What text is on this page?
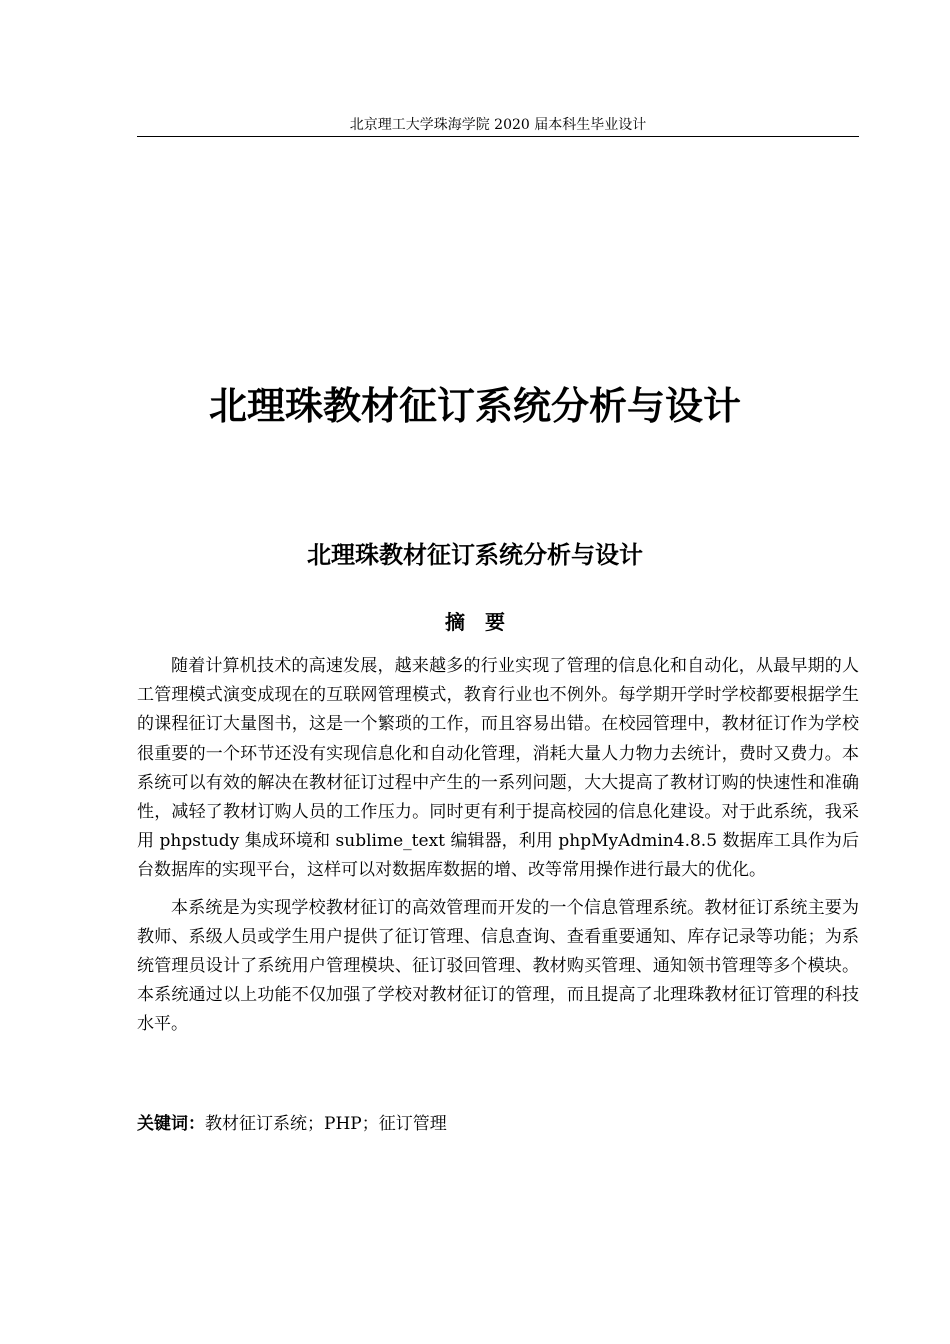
北京理工大学珠海学院 2020 届本科生毕业设计
北理珠教材征订系统分析与设计
北理珠教材征订系统分析与设计
摘　要

随着计算机技术的高速发展，越来越多的行业实现了管理的信息化和自动化，从最早期的人工管理模式演变成现在的互联网管理模式，教育行业也不例外。每学期开学时学校都要根据学生的课程征订大量图书，这是一个繁琐的工作，而且容易出错。在校园管理中，教材征订作为学校很重要的一个环节还没有实现信息化和自动化管理，消耗大量人力物力去统计，费时又费力。本系统可以有效的解决在教材征订过程中产生的一系列问题，大大提高了教材订购的快速性和准确性，减轻了教材订购人员的工作压力。同时更有利于提高校园的信息化建设。对于此系统，我采用 phpstudy 集成环境和 sublime_text 编辑器，利用 phpMyAdmin4.8.5 数据库工具作为后台数据库的实现平台，这样可以对数据库数据的增、改等常用操作进行最大的优化。

本系统是为实现学校教材征订的高效管理而开发的一个信息管理系统。教材征订系统主要为教师、系级人员或学生用户提供了征订管理、信息查询、查看重要通知、库存记录等功能；为系统管理员设计了系统用户管理模块、征订驳回管理、教材购买管理、通知领书管理等多个模块。本系统通过以上功能不仅加强了学校对教材征订的管理，而且提高了北理珠教材征订管理的科技水平。

关键词：教材征订系统；PHP；征订管理
